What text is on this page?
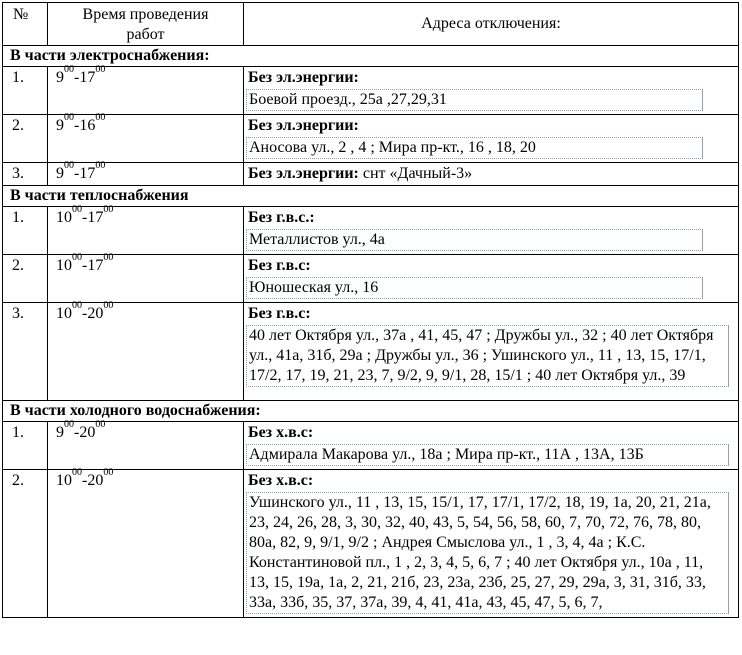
№	Время проведения работ	Адреса отключения:
В части электроснабжения:		
1.	$9^{00}-17^{00}$	Без эл.энергии:
Боевой проезд., 25а ,27,29,31

2.	$9^{00}-16^{00}$	Без эл.энергии:
Аносова ул., 2 , 4 ; Мира пр-кт., 16 , 18, 20

3.	$9^{00}-17^{00}$	Без эл.энергии: снт «Дачный-3»
В части теплоснабжения		
1.	$10^{00}-17^{00}$	Без г.в.с.:
Металлистов ул., 4а

2.	$10^{00}-17^{00}$	Без г.в.с:
Юношеская ул., 16

3.	$10^{00}-20^{00}$	Без г.в.с:
40 лет Октября ул., 37а , 41, 45, 47 ; Дружбы ул., 32 ; 40 лет Октября ул., 41а, 31б, 29а ; Дружбы ул., 36 ; Ушинского ул., 11 , 13, 15, 17/1, 17/2, 17, 19, 21, 23, 7, 9/2, 9, 9/1, 28, 15/1 ; 40 лет Октября ул., 39

В части холодного водоснабжения:		
1.	$9^{00}-20^{00}$	Без х.в.с:
Адмирала Макарова ул., 18а ; Мира пр-кт., 11А , 13А, 13Б

2.	$10^{00}-20^{00}$	Без х.в.с:
Ушинского ул., 11 , 13, 15, 15/1, 17, 17/1, 17/2, 18, 19, 1а, 20, 21, 21а, 23, 24, 26, 28, 3, 30, 32, 40, 43, 5, 54, 56, 58, 60, 7, 70, 72, 76, 78, 80, 80а, 82, 9, 9/1, 9/2 ; Андрея Смыслова ул., 1 , 3, 4, 4а ; К.С. Константиновой пл., 1 , 2, 3, 4, 5, 6, 7 ; 40 лет Октября ул., 10а , 11, 13, 15, 19а, 1а, 2, 21, 21б, 23, 23а, 23б, 25, 27, 29, 29а, 3, 31, 31б, 33, 33а, 33б, 35, 37, 37а, 39, 4, 41, 41а, 43, 45, 47, 5, 6, 7,
